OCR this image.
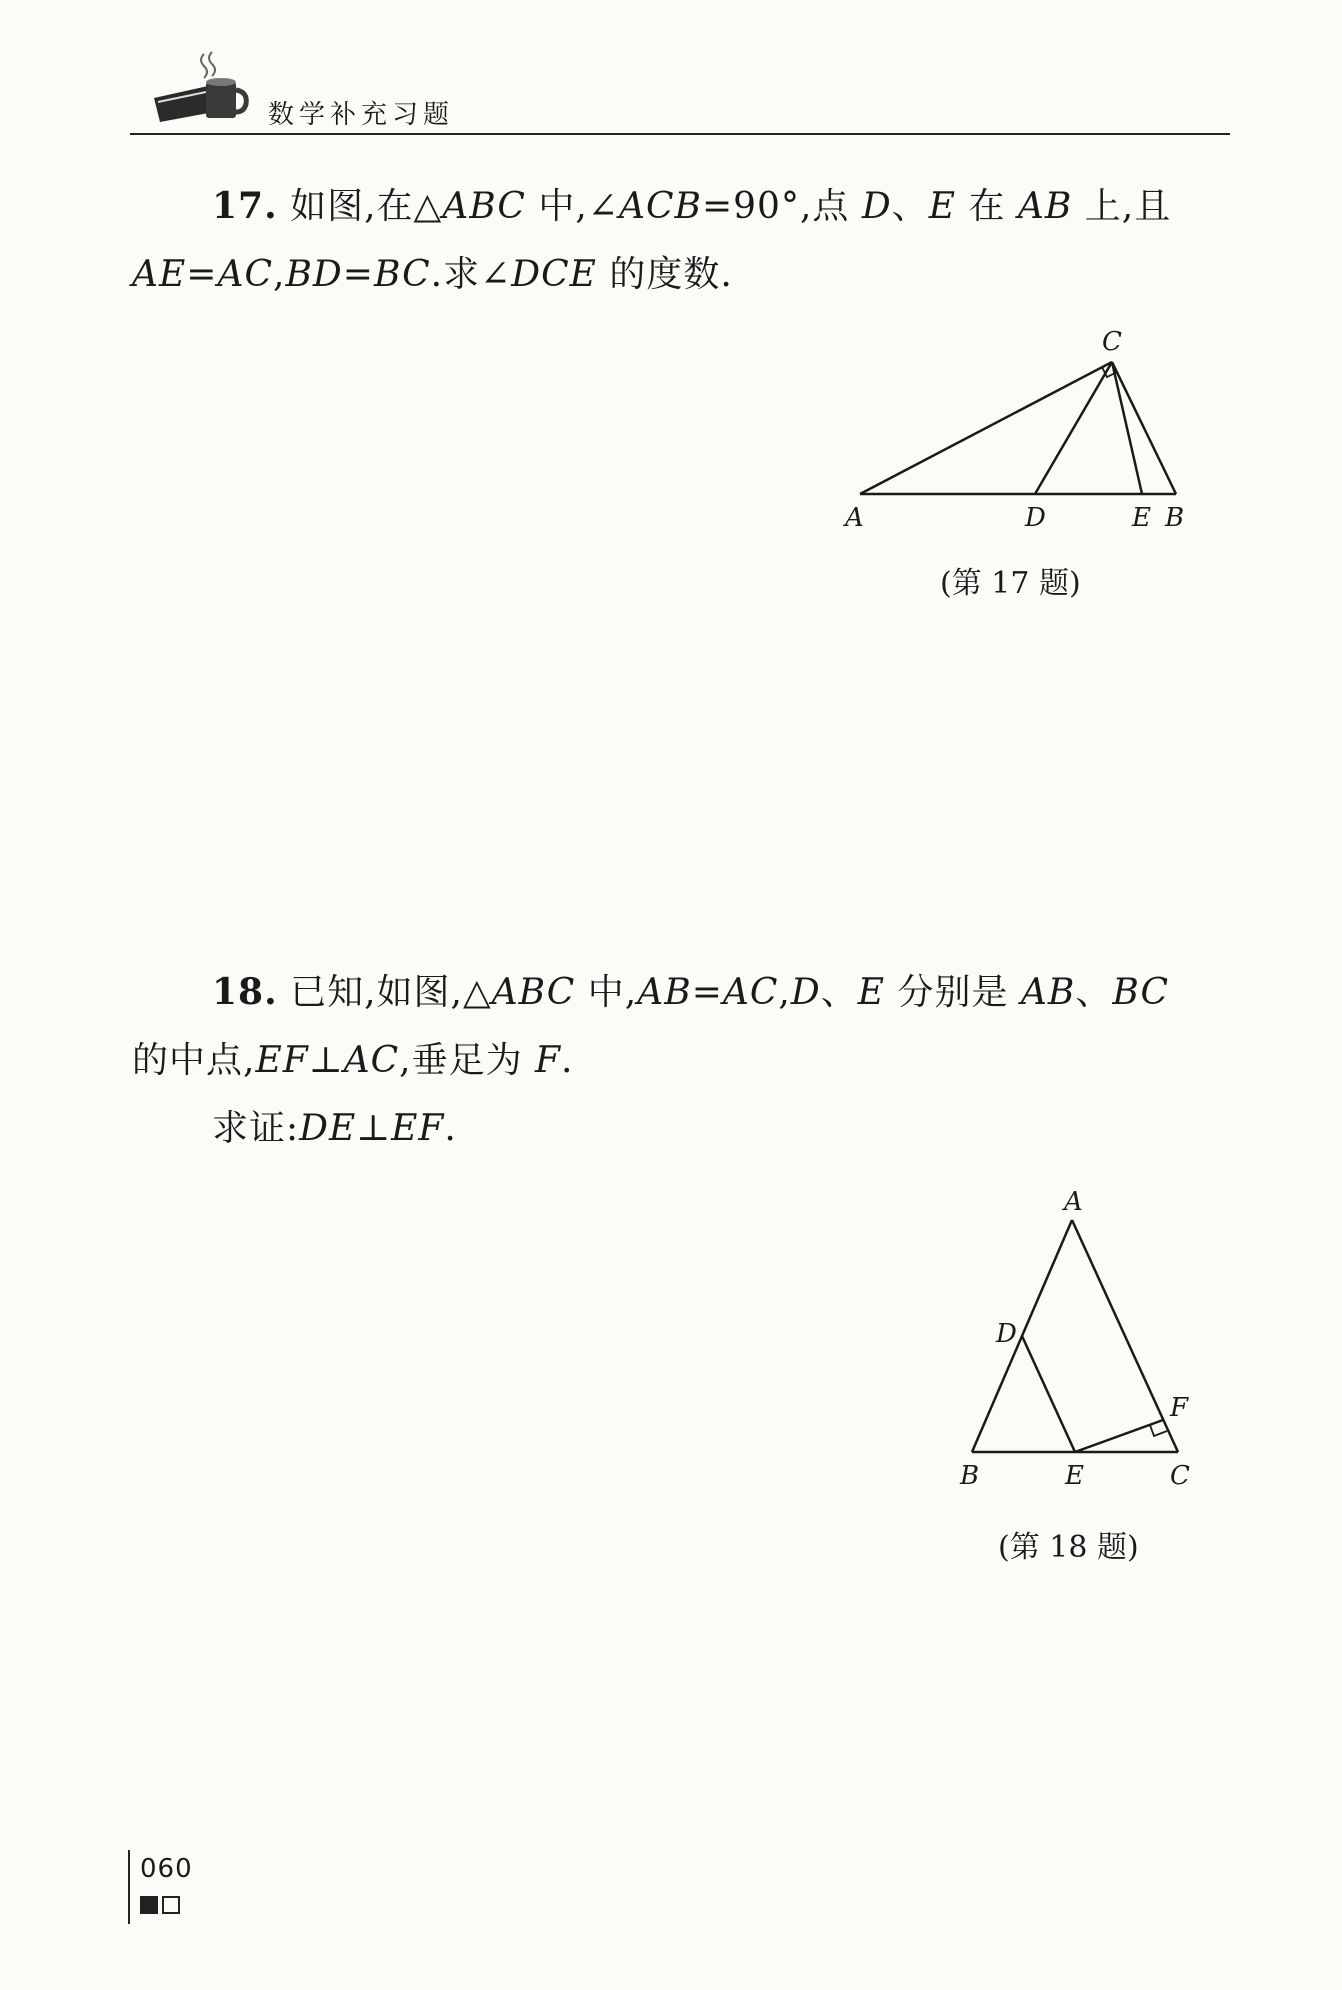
数学补充习题
17. 如图,在△ABC 中,∠ACB=90°,点 D、E 在 AB 上,且
AE=AC,BD=BC.求∠DCE 的度数.
A	D	E B
C
(第 17 题)
18. 已知,如图,△ABC 中,AB=AC,D、E 分别是 AB、BC
的中点,EF⊥AC,垂足为 F.
求证:DE⊥EF.
A
D
F
B	E	C
(第 18 题)
060
